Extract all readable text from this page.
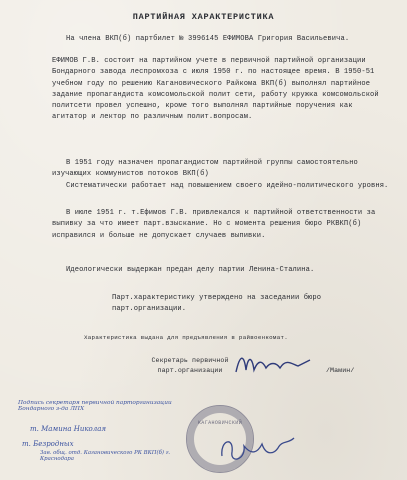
ПАРТИЙНАЯ ХАРАКТЕРИСТИКА
На члена ВКП(б) партбилет № 3996145 ЕФИМОВА Григория Васильевича.
ЕФИМОВ Г.В. состоит на партийном учете в первичной партийной организации Бондарного завода леспромхоза с июля 1950 г. по настоящее время. В 1950-51 учебном году по решению Кагановического Райкома ВКП(б) выполнял партийное задание пропагандиста комсомольской полит сети, работу кружка комсомольской политсети провел успешно, кроме того выполнял партийные поручения как агитатор и лектор по различным полит.вопросам.
В 1951 году назначен пропагандистом партийной группы самостоятельно изучающих коммунистов потоков ВКП(б)
Систематически работает над повышением своего идейно-политического уровня.
В июле 1951 г. т.Ефимов Г.В. привлекался к партийной ответственности за выпивку за что имеет парт.взыскание. Но с момента решения бюро РКВКП(б) исправился и больше не допускает случаев выпивки.
Идеологически выдержан предан делу партии Ленина-Сталина.
Парт.характеристику утверждено на заседании бюро парт.организации.
Характеристика выдана для предъявления в райвоенкомат.
Секретарь первичной парт.организации	/Мамин/
Подпись секретаря первичной парторганизации Бондарного з-да ЛПХ
т. Мамина Николая
т. Безродных
Зав. общ. отд. Кагановического РК ВКП(б) г. Краснодара
КАГАНОВИЧСКИЙ
